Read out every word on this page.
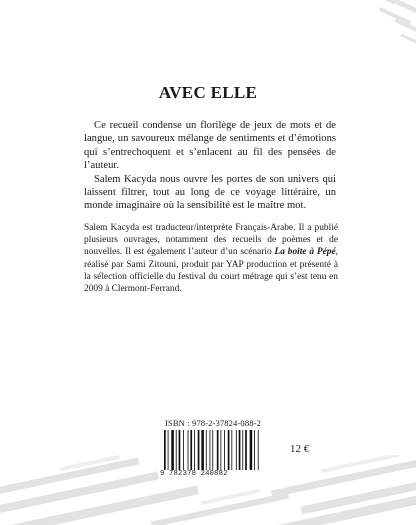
AVEC ELLE

Ce recueil condense un florilège de jeux de mots et de langue, un savoureux mélange de sentiments et d’émotions qui s’entrechoquent et s’enlacent au fil des pensées de l’auteur.

Salem Kacyda nous ouvre les portes de son univers qui laissent filtrer, tout au long de ce voyage littéraire, un monde imaginaire où la sensibilité est le maître mot.

Salem Kacyda est traducteur/interprète Français-Arabe. Il a publié plusieurs ouvrages, notamment des recueils de poèmes et de nouvelles. Il est également l’auteur d’un scénario La boite à Pépé, réalisé par Sami Zitouni, produit par YAP production et présenté à la sélection officielle du festival du court métrage qui s’est tenu en 2009 à Clermont-Ferrand.

ISBN : 978-2-37824-088-2
9 782378 240882
12 €
